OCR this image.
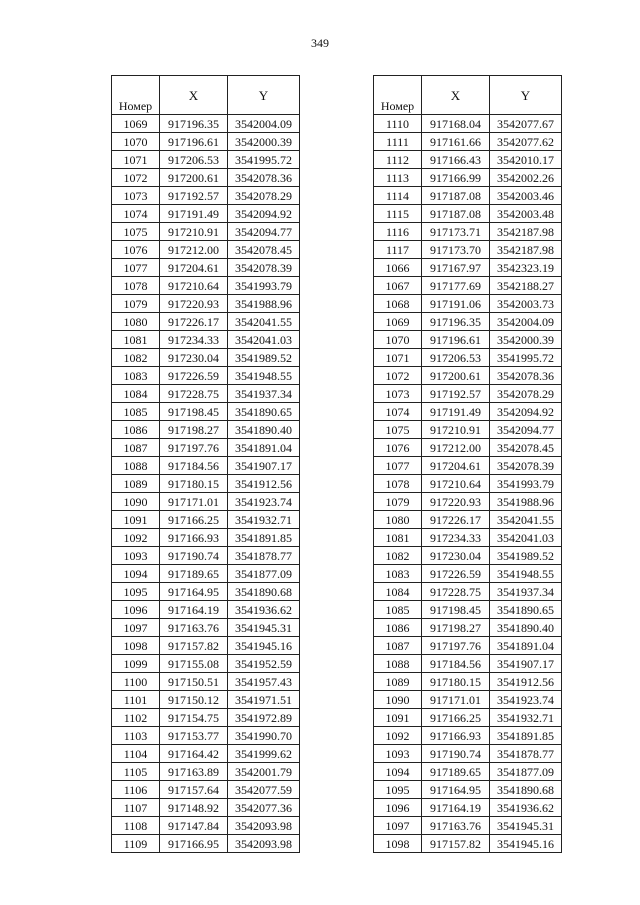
349
Номер	X	Y
1069	917196.35	3542004.09
1070	917196.61	3542000.39
1071	917206.53	3541995.72
1072	917200.61	3542078.36
1073	917192.57	3542078.29
1074	917191.49	3542094.92
1075	917210.91	3542094.77
1076	917212.00	3542078.45
1077	917204.61	3542078.39
1078	917210.64	3541993.79
1079	917220.93	3541988.96
1080	917226.17	3542041.55
1081	917234.33	3542041.03
1082	917230.04	3541989.52
1083	917226.59	3541948.55
1084	917228.75	3541937.34
1085	917198.45	3541890.65
1086	917198.27	3541890.40
1087	917197.76	3541891.04
1088	917184.56	3541907.17
1089	917180.15	3541912.56
1090	917171.01	3541923.74
1091	917166.25	3541932.71
1092	917166.93	3541891.85
1093	917190.74	3541878.77
1094	917189.65	3541877.09
1095	917164.95	3541890.68
1096	917164.19	3541936.62
1097	917163.76	3541945.31
1098	917157.82	3541945.16
1099	917155.08	3541952.59
1100	917150.51	3541957.43
1101	917150.12	3541971.51
1102	917154.75	3541972.89
1103	917153.77	3541990.70
1104	917164.42	3541999.62
1105	917163.89	3542001.79
1106	917157.64	3542077.59
1107	917148.92	3542077.36
1108	917147.84	3542093.98
1109	917166.95	3542093.98
Номер	X	Y
1110	917168.04	3542077.67
1111	917161.66	3542077.62
1112	917166.43	3542010.17
1113	917166.99	3542002.26
1114	917187.08	3542003.46
1115	917187.08	3542003.48
1116	917173.71	3542187.98
1117	917173.70	3542187.98
1066	917167.97	3542323.19
1067	917177.69	3542188.27
1068	917191.06	3542003.73
1069	917196.35	3542004.09
1070	917196.61	3542000.39
1071	917206.53	3541995.72
1072	917200.61	3542078.36
1073	917192.57	3542078.29
1074	917191.49	3542094.92
1075	917210.91	3542094.77
1076	917212.00	3542078.45
1077	917204.61	3542078.39
1078	917210.64	3541993.79
1079	917220.93	3541988.96
1080	917226.17	3542041.55
1081	917234.33	3542041.03
1082	917230.04	3541989.52
1083	917226.59	3541948.55
1084	917228.75	3541937.34
1085	917198.45	3541890.65
1086	917198.27	3541890.40
1087	917197.76	3541891.04
1088	917184.56	3541907.17
1089	917180.15	3541912.56
1090	917171.01	3541923.74
1091	917166.25	3541932.71
1092	917166.93	3541891.85
1093	917190.74	3541878.77
1094	917189.65	3541877.09
1095	917164.95	3541890.68
1096	917164.19	3541936.62
1097	917163.76	3541945.31
1098	917157.82	3541945.16
